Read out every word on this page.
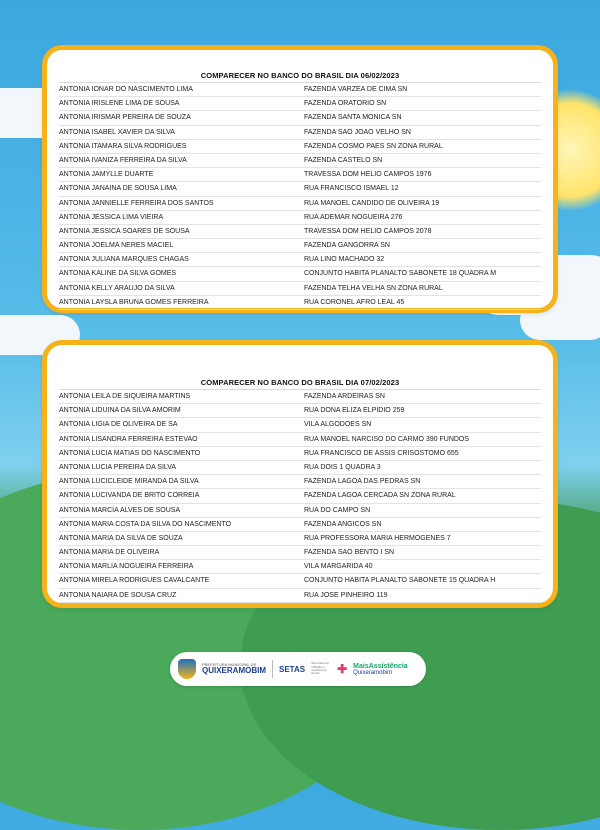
COMPARECER NO BANCO DO BRASIL DIA 06/02/2023
ANTONIA IONAR DO NASCIMENTO LIMA	FAZENDA VARZEA DE CIMA SN
ANTONIA IRISLENE LIMA DE SOUSA	FAZENDA ORATORIO SN
ANTONIA IRISMAR PEREIRA DE SOUZA	FAZENDA SANTA MONICA SN
ANTONIA ISABEL XAVIER DA SILVA	FAZENDA SAO JOAO VELHO SN
ANTONIA ITAMARA SILVA RODRIGUES	FAZENDA COSMO PAES SN ZONA RURAL
ANTONIA IVANIZA FERREIRA DA SILVA	FAZENDA CASTELO SN
ANTONIA JAMYLLE DUARTE	TRAVESSA DOM HELIO CAMPOS 1976
ANTONIA JANAINA DE SOUSA LIMA	RUA FRANCISCO ISMAEL 12
ANTONIA JANNIELLE FERREIRA DOS SANTOS	RUA MANOEL CANDIDO DE OLIVEIRA 19
ANTONIA JESSICA LIMA VIEIRA	RUA ADEMAR NOGUEIRA 276
ANTONIA JESSICA SOARES DE SOUSA	TRAVESSA DOM HELIO CAMPOS 2078
ANTONIA JOELMA NERES MACIEL	FAZENDA GANGORRA SN
ANTONIA JULIANA MARQUES CHAGAS	RUA LINO MACHADO 32
ANTONIA KALINE DA SILVA GOMES	CONJUNTO HABITA PLANALTO SABONETE 18 QUADRA M
ANTONIA KELLY ARAUJO DA SILVA	FAZENDA TELHA VELHA SN ZONA RURAL
ANTONIA LAYSLA BRUNA GOMES FERREIRA	RUA CORONEL AFRO LEAL 45
COMPARECER NO BANCO DO BRASIL DIA 07/02/2023
ANTONIA LEILA DE SIQUEIRA MARTINS	FAZENDA ARDEIRAS SN
ANTONIA LIDUINA DA SILVA AMORIM	RUA DONA ELIZA ELPIDIO 259
ANTONIA LIGIA DE OLIVEIRA DE SA	VILA ALGODOES SN
ANTONIA LISANDRA FERREIRA ESTEVAO	RUA MANOEL NARCISO DO CARMO 390 FUNDOS
ANTONIA LUCIA MATIAS DO NASCIMENTO	RUA FRANCISCO DE ASSIS CRISOSTOMO 655
ANTONIA LUCIA PEREIRA DA SILVA	RUA DOIS 1 QUADRA 3
ANTONIA LUCICLEIDE MIRANDA DA SILVA	FAZENDA LAGOA DAS PEDRAS SN
ANTONIA LUCIVANDA DE BRITO CORREIA	FAZENDA LAGOA CERCADA SN ZONA RURAL
ANTONIA MARCIA ALVES DE SOUSA	RUA DO CAMPO SN
ANTONIA MARIA COSTA DA SILVA DO NASCIMENTO	FAZENDA ANGICOS SN
ANTONIA MARIA DA SILVA DE SOUZA	RUA PROFESSORA MARIA HERMOGENES 7
ANTONIA MARIA DE OLIVEIRA	FAZENDA SAO BENTO I SN
ANTONIA MARLIA NOGUEIRA FERREIRA	VILA MARGARIDA 40
ANTONIA MIRELA RODRIGUES CAVALCANTE	CONJUNTO HABITA PLANALTO SABONETE 15 QUADRA H
ANTONIA NAIARA DE SOUSA CRUZ	RUA JOSE PINHEIRO 119
PREFEITURA MUNICIPAL DE
QUIXERAMOBIM SETAS
Secretaria do Trabalho e Assistência Social	✚ MaisAssistência
Quixeramobim
